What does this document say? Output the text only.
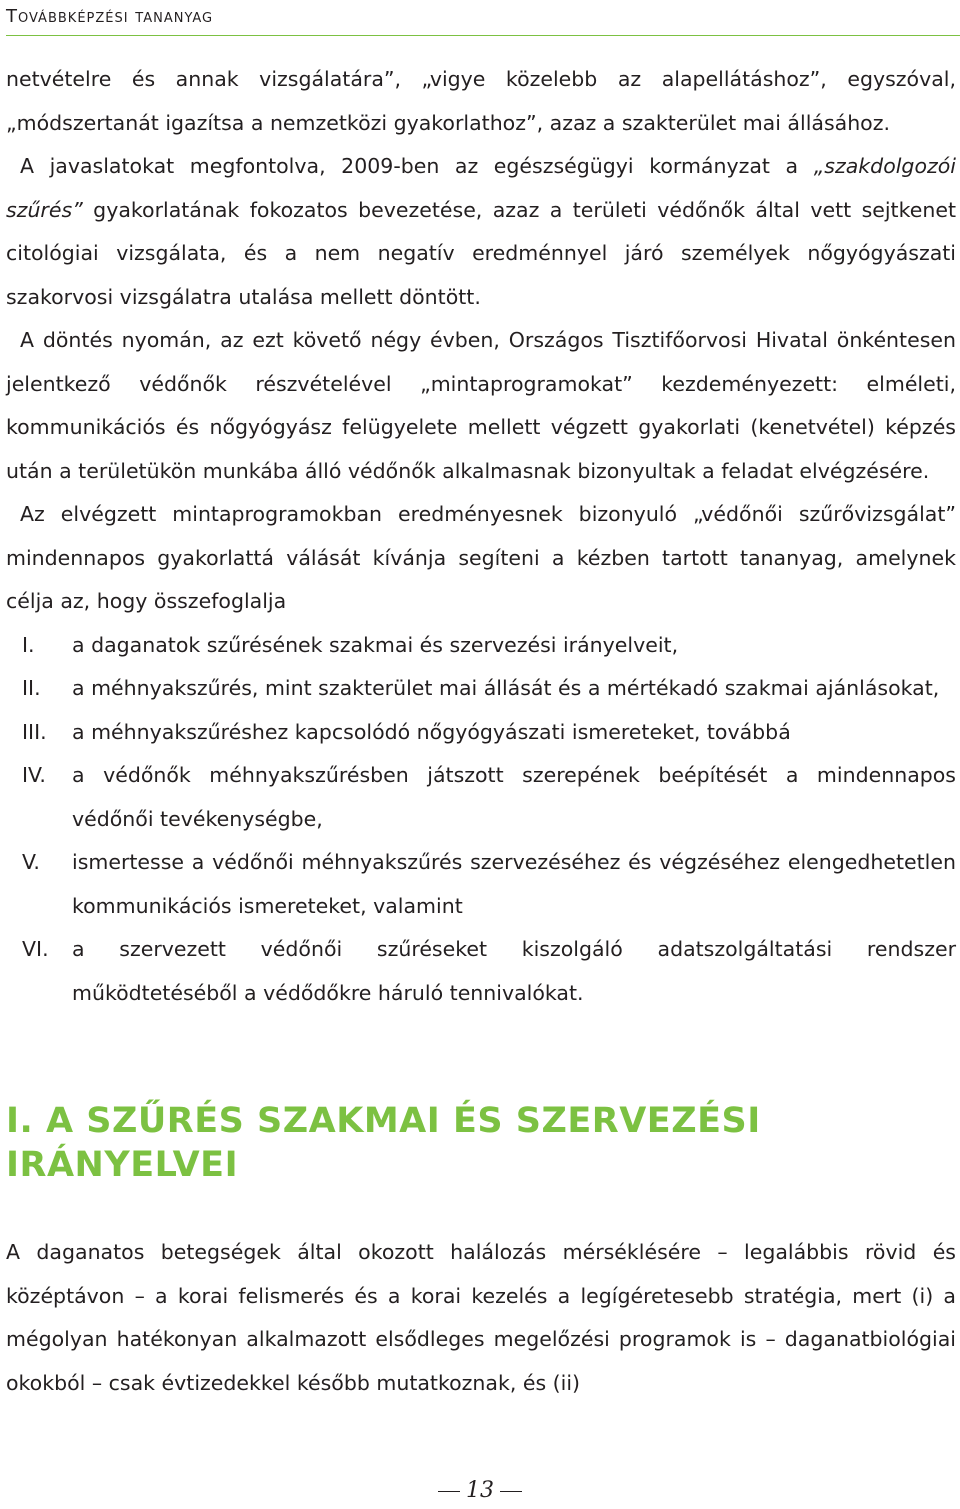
Továbbképzési tananyag

netvételre és annak vizsgálatára”, „vigye közelebb az alapellátáshoz”, egyszóval, „módszertanát igazítsa a nemzetközi gyakorlathoz”, azaz a szakterület mai állásához.

A javaslatokat megfontolva, 2009-ben az egészségügyi kormányzat a „szakdolgozói szűrés” gyakorlatának fokozatos bevezetése, azaz a területi védőnők által vett sejtkenet citológiai vizsgálata, és a nem negatív eredménnyel járó személyek nőgyógyászati szakorvosi vizsgálatra utalása mellett döntött.

A döntés nyomán, az ezt követő négy évben, Országos Tisztifőorvosi Hivatal önkéntesen jelentkező védőnők részvételével „mintaprogramokat” kezdeményezett: elméleti, kommunikációs és nőgyógyász felügyelete mellett végzett gyakorlati (kenetvétel) képzés után a területükön munkába álló védőnők alkalmasnak bizonyultak a feladat elvégzésére.

Az elvégzett mintaprogramokban eredményesnek bizonyuló „védőnői szűrővizsgálat” mindennapos gyakorlattá válását kívánja segíteni a kézben tartott tananyag, amelynek célja az, hogy összefoglalja

I. a daganatok szűrésének szakmai és szervezési irányelveit,
II. a méhnyakszűrés, mint szakterület mai állását és a mértékadó szakmai ajánlásokat,
III. a méhnyakszűréshez kapcsolódó nőgyógyászati ismereteket, továbbá
IV. a védőnők méhnyakszűrésben játszott szerepének beépítését a mindennapos védőnői tevékenységbe,
V. ismertesse a védőnői méhnyakszűrés szervezéséhez és végzéséhez elengedhetetlen kommunikációs ismereteket, valamint
VI. a szervezett védőnői szűréseket kiszolgáló adatszolgáltatási rendszer működtetéséből a védődőkre háruló tennivalókat.
I. A SZŰRÉS SZAKMAI ÉS SZERVEZÉSI IRÁNYELVEI

A daganatos betegségek által okozott halálozás mérséklésére – legalábbis rövid és középtávon – a korai felismerés és a korai kezelés a legígéretesebb stratégia, mert (i) a mégolyan hatékonyan alkalmazott elsődleges megelőzési programok is – daganatbiológiai okokból – csak évtizedekkel később mutatkoznak, és (ii)

13
